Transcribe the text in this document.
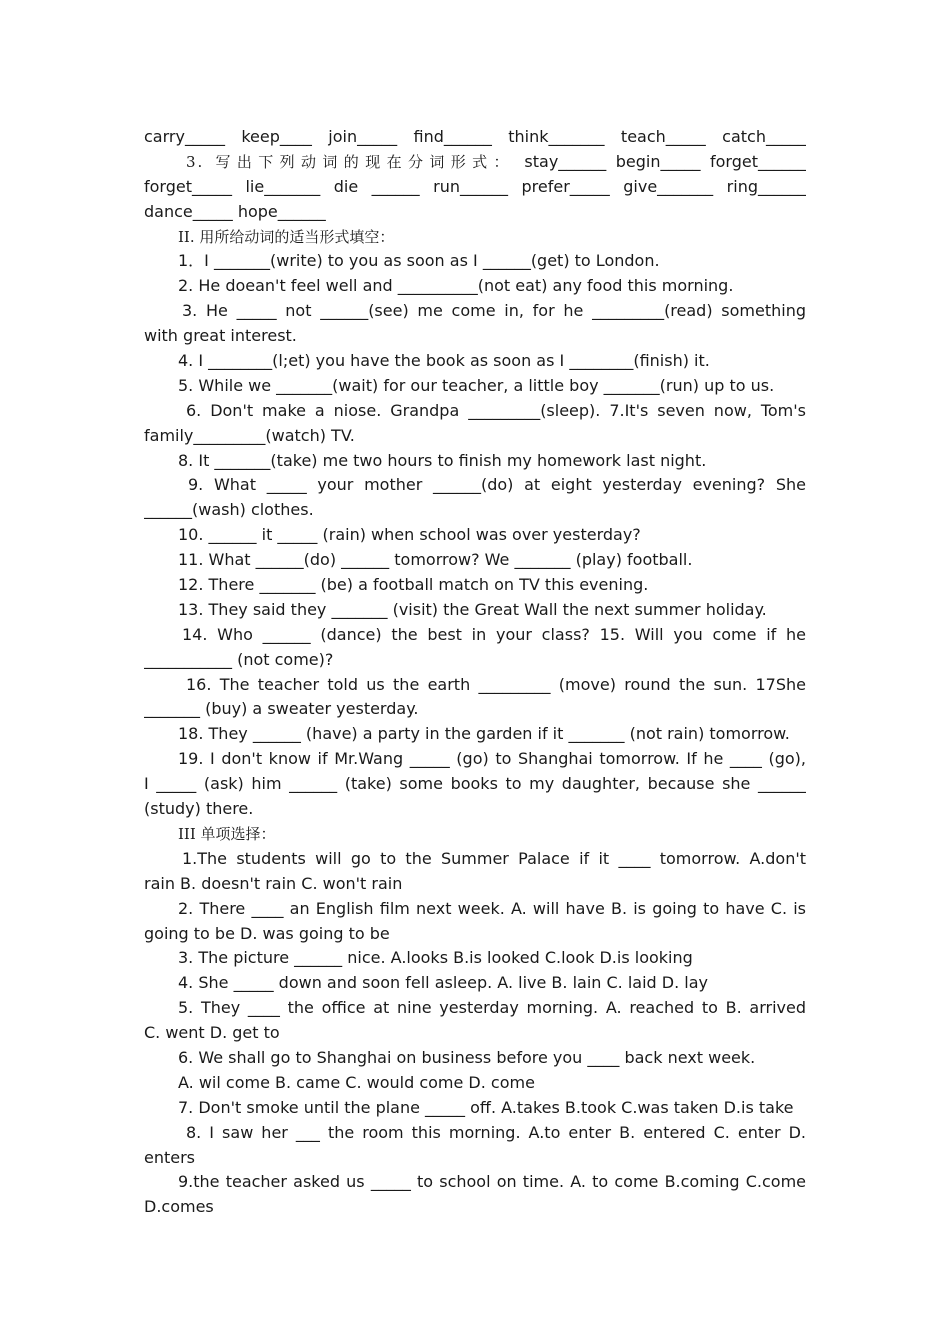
carry_____ keep____ join_____ find______ think_______ teach_____ catch_____
3. 写出下列动词的现在分词形式： stay______ begin_____ forget______
forget_____ lie_______ die ______ run______ prefer_____ give_______ ring______
dance_____ hope______
II. 用所给动词的适当形式填空：
1．I _______(write) to you as soon as I ______(get) to London.
2. He doean't feel well and __________(not eat) any food this morning.
3. He _____ not ______(see) me come in, for he _________(read) something
with great interest.
4. I ________(l;et) you have the book as soon as I ________(finish) it.
5. While we _______(wait) for our teacher, a little boy _______(run) up to us.
6. Don't make a niose. Grandpa _________(sleep). 7.It's seven now, Tom's
family_________(watch) TV.
8. It _______(take) me two hours to finish my homework last night.
9. What _____ your mother ______(do) at eight yesterday evening? She
______(wash) clothes.
10. ______ it _____ (rain) when school was over yesterday?
11. What ______(do) ______ tomorrow? We _______ (play) football.
12. There _______ (be) a football match on TV this evening.
13. They said they _______ (visit) the Great Wall the next summer holiday.
14. Who ______ (dance) the best in your class? 15. Will you come if he
___________ (not come)?
16. The teacher told us the earth _________ (move) round the sun. 17She
_______ (buy) a sweater yesterday.
18. They ______ (have) a party in the garden if it _______ (not rain) tomorrow.
19. I don't know if Mr.Wang _____ (go) to Shanghai tomorrow. If he ____ (go),
I _____ (ask) him ______ (take) some books to my daughter, because she ______
(study) there.
III 单项选择：
1.The students will go to the Summer Palace if it ____ tomorrow. A.don't
rain B. doesn't rain C. won't rain
2. There ____ an English film next week. A. will have B. is going to have C. is
going to be D. was going to be
3. The picture ______ nice. A.looks B.is looked C.look D.is looking
4. She _____ down and soon fell asleep. A. live B. lain C. laid D. lay
5. They ____ the office at nine yesterday morning. A. reached to B. arrived
C. went D. get to
6. We shall go to Shanghai on business before you ____ back next week.
A. wil come B. came C. would come D. come
7. Don't smoke until the plane _____ off. A.takes B.took C.was taken D.is take
8. I saw her ___ the room this morning. A.to enter B. entered C. enter D.
enters
9.the teacher asked us _____ to school on time. A. to come B.coming C.come
D.comes
